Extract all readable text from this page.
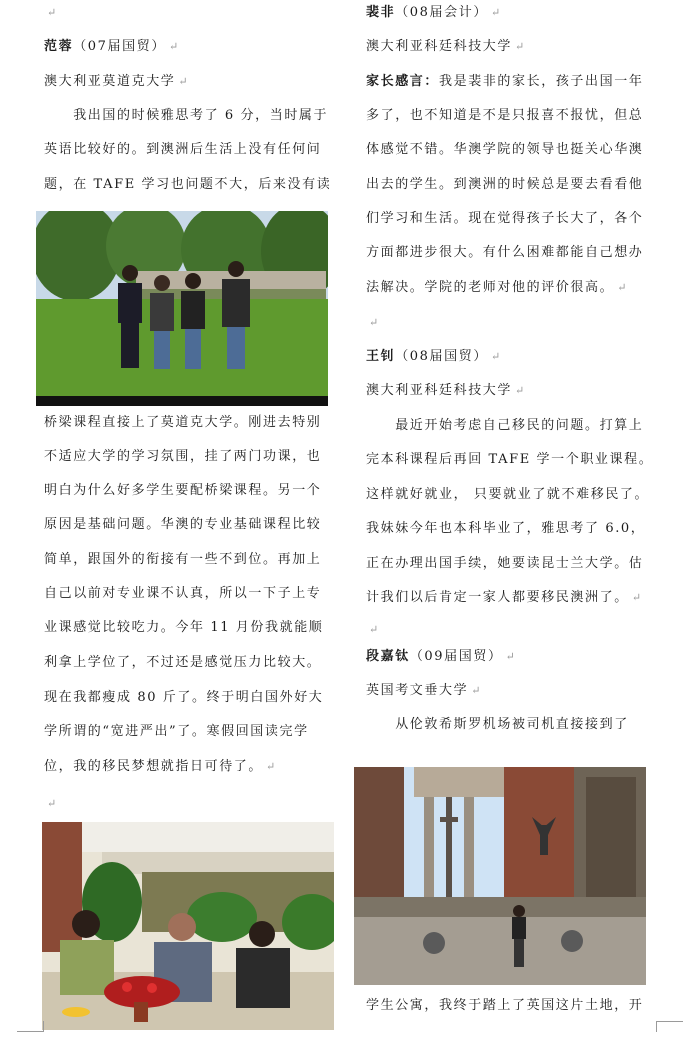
↵
范蓉（07届国贸） ↵
澳大利亚莫道克大学 ↵
　　我出国的时候雅思考了 6 分，当时属于
英语比较好的。到澳洲后生活上没有任何问
题，在 TAFE 学习也问题不大，后来没有读
桥梁课程直接上了莫道克大学。刚进去特别
不适应大学的学习氛围，挂了两门功课，也
明白为什么好多学生要配桥梁课程。另一个
原因是基础问题。华澳的专业基础课程比较
简单，跟国外的衔接有一些不到位。再加上
自己以前对专业课不认真，所以一下子上专
业课感觉比较吃力。今年 11 月份我就能顺
利拿上学位了，不过还是感觉压力比较大。
现在我都瘦成 80 斤了。终于明白国外好大
学所谓的“宽进严出”了。寒假回国读完学
位，我的移民梦想就指日可待了。 ↵
↵
裴非（08届会计） ↵
澳大利亚科廷科技大学 ↵
家长感言：我是裴非的家长，孩子出国一年
多了，也不知道是不是只报喜不报忧，但总
体感觉不错。华澳学院的领导也挺关心华澳
出去的学生。到澳洲的时候总是要去看看他
们学习和生活。现在觉得孩子长大了，各个
方面都进步很大。有什么困难都能自己想办
法解决。学院的老师对他的评价很高。 ↵
↵
王钊（08届国贸） ↵
澳大利亚科廷科技大学 ↵
　　最近开始考虑自己移民的问题。打算上
完本科课程后再回 TAFE 学一个职业课程。
这样就好就业， 只要就业了就不难移民了。
我妹妹今年也本科毕业了，雅思考了 6.0，
正在办理出国手续，她要读昆士兰大学。估
计我们以后肯定一家人都要移民澳洲了。 ↵
↵
段嘉钛（09届国贸） ↵
英国考文垂大学 ↵
　　从伦敦希斯罗机场被司机直接接到了
学生公寓，我终于踏上了英国这片土地，开
